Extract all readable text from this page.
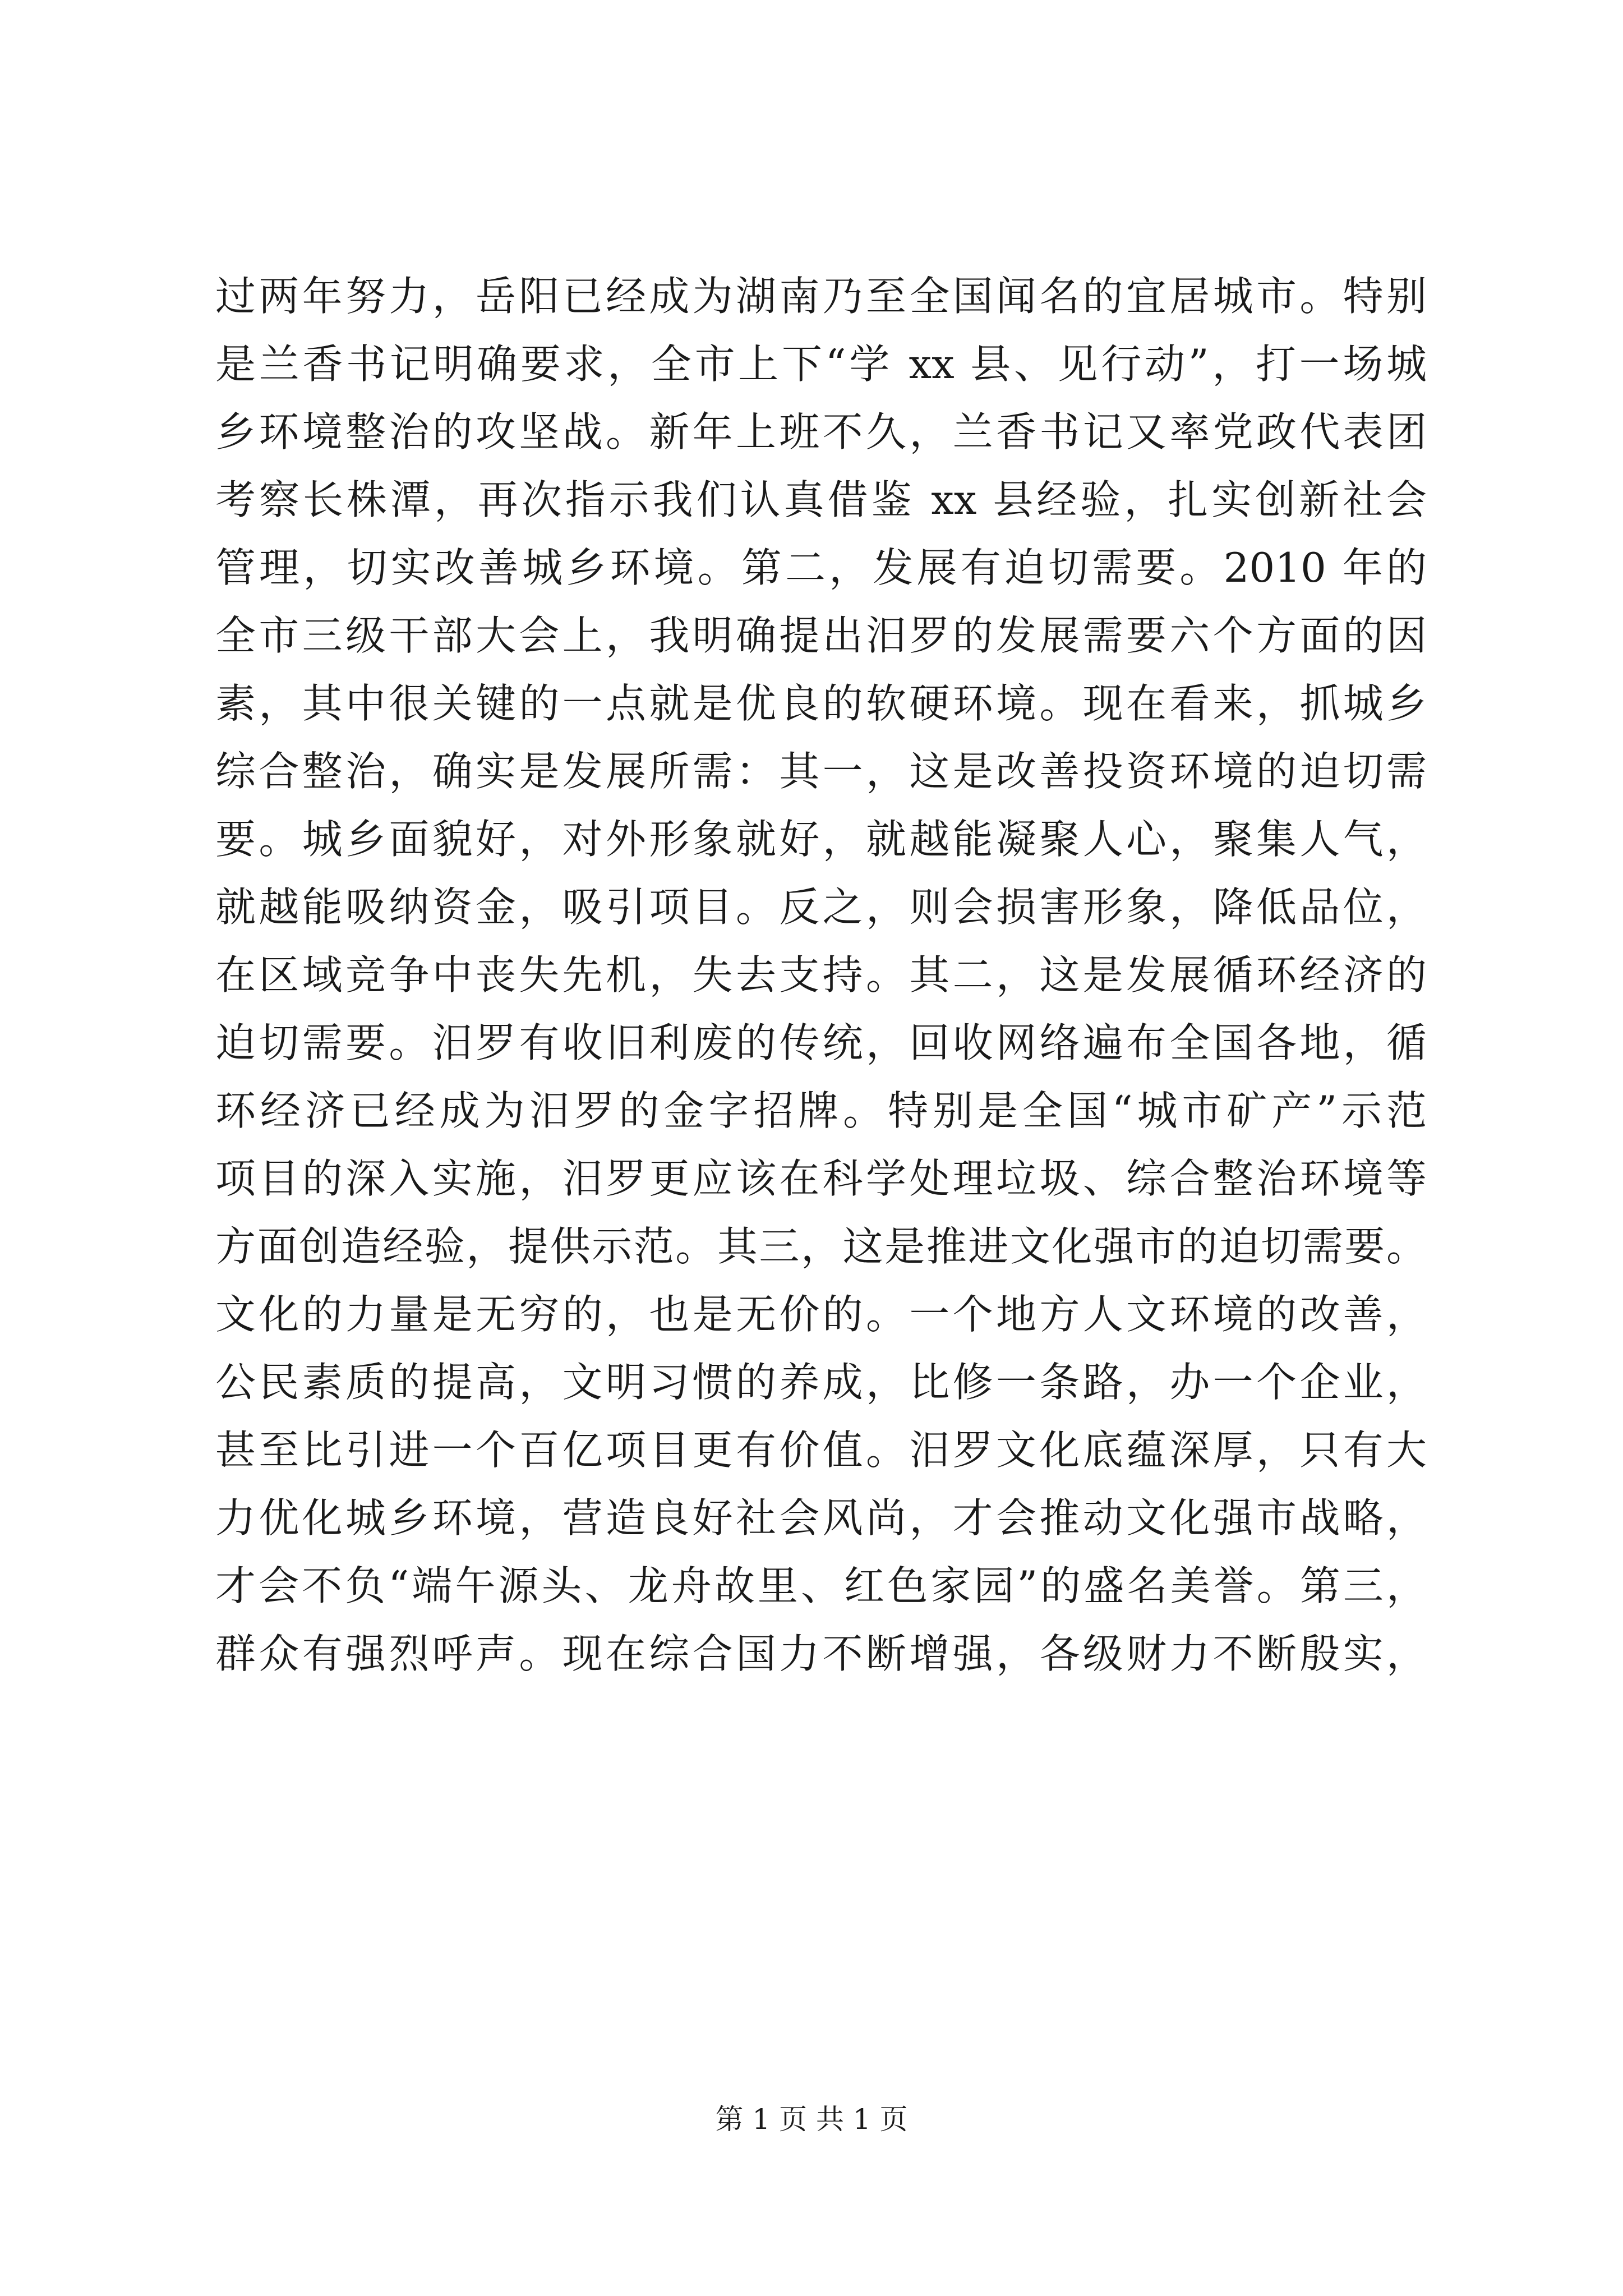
过两年努力，岳阳已经成为湖南乃至全国闻名的宜居城市。特别
是兰香书记明确要求，全市上下“学 xx 县、见行动”，打一场城
乡环境整治的攻坚战。新年上班不久，兰香书记又率党政代表团
考察长株潭，再次指示我们认真借鉴 xx 县经验，扎实创新社会
管理，切实改善城乡环境。第二，发展有迫切需要。2010 年的
全市三级干部大会上，我明确提出汨罗的发展需要六个方面的因
素，其中很关键的一点就是优良的软硬环境。现在看来，抓城乡
综合整治，确实是发展所需：其一，这是改善投资环境的迫切需
要。城乡面貌好，对外形象就好，就越能凝聚人心，聚集人气，
就越能吸纳资金，吸引项目。反之，则会损害形象，降低品位，
在区域竞争中丧失先机，失去支持。其二，这是发展循环经济的
迫切需要。汨罗有收旧利废的传统，回收网络遍布全国各地，循
环经济已经成为汨罗的金字招牌。特别是全国“城市矿产”示范
项目的深入实施，汨罗更应该在科学处理垃圾、综合整治环境等
方面创造经验，提供示范。其三，这是推进文化强市的迫切需要。
文化的力量是无穷的，也是无价的。一个地方人文环境的改善，
公民素质的提高，文明习惯的养成，比修一条路，办一个企业，
甚至比引进一个百亿项目更有价值。汨罗文化底蕴深厚，只有大
力优化城乡环境，营造良好社会风尚，才会推动文化强市战略，
才会不负“端午源头、龙舟故里、红色家园”的盛名美誉。第三，
群众有强烈呼声。现在综合国力不断增强，各级财力不断殷实，
第 1 页 共 1 页
